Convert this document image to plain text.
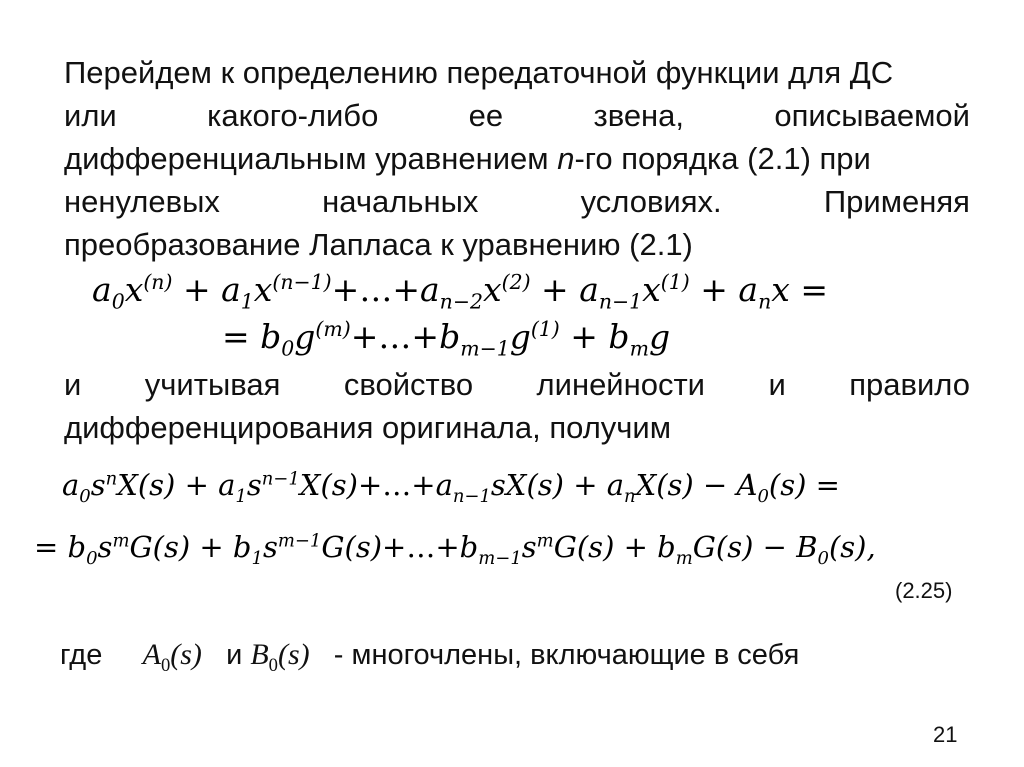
Перейдем к определению передаточной функции для ДС
или	какого-либо	ее	звена,	описываемой
дифференциальным уравнением n-го порядка (2.1) при
ненулевых	начальных	условиях.	Применяя
преобразование Лапласа к уравнению (2.1)
$a_0x^{(n)}$ + $a_1x^{(n-1)}+\dots+a_{n-2}x^{(2)} + a_{n-1}x^{(1)} + a_nx$ =
= $b_0g^{(m)}+\dots+b_{m-1}g^{(1)} + b_mg$
и учитывая свойство линейности и правило
дифференцирования оригинала, получим
$a_0s^nX(s)$ + $a_1s^{n-1}X(s)+\dots+a_{n-1}sX(s) + a_nX(s) - A_0(s)$ =
= $b_0s^mG(s)$ + $b_1s^{m-1}G(s)+\dots+b_{m-1}s^mG(s) + b_mG(s) - B_0(s)$,
(2.25)
где $A_0(s)$ и $B_0(s)$ - многочлены, включающие в себя
21
